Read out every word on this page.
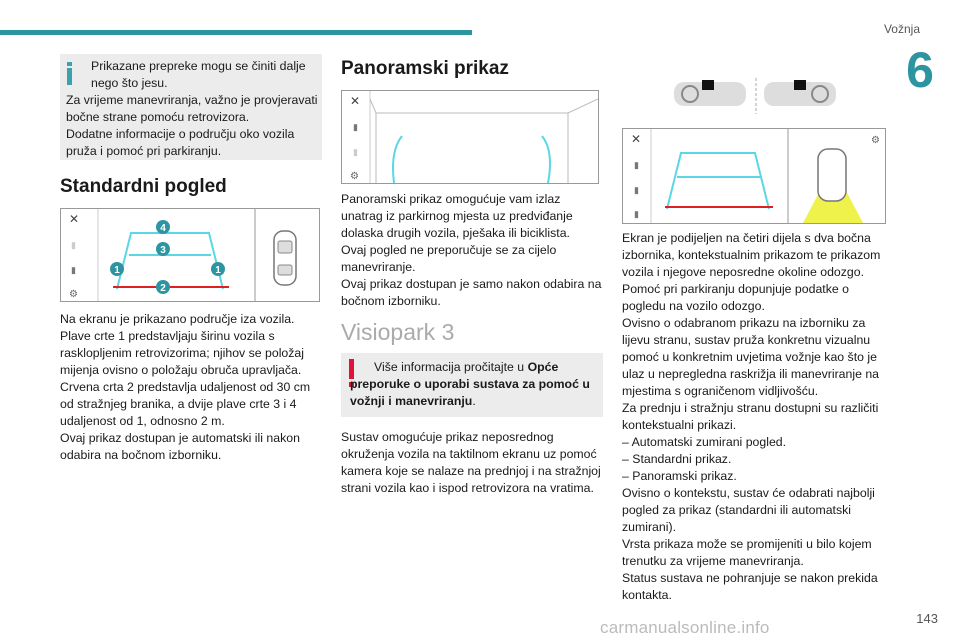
Vožnja
6
Prikazane prepreke mogu se činiti dalje nego što jesu.
Za vrijeme manevriranja, važno je provjeravati bočne strane pomoću retrovizora.
Dodatne informacije o području oko vozila pruža i pomoć pri parkiranju.
Standardni pogled
✕
▮
▮
⚙
4
3
1	1
2

Na ekranu je prikazano područje iza vozila.

Plave crte 1 predstavljaju širinu vozila s rasklopljenim retrovizorima; njihov se položaj mijenja ovisno o položaju obruča upravljača.

Crvena crta 2 predstavlja udaljenost od 30 cm od stražnjeg branika, a dvije plave crte 3 i 4 udaljenost od 1, odnosno 2 m.

Ovaj prikaz dostupan je automatski ili nakon odabira na bočnom izborniku.

Panoramski prikaz
✕
▮
▮
⚙

Panoramski prikaz omogućuje vam izlaz unatrag iz parkirnog mjesta uz predviđanje dolaska drugih vozila, pješaka ili biciklista.

Ovaj pogled ne preporučuje se za cijelo manevriranje.

Ovaj prikaz dostupan je samo nakon odabira na bočnom izborniku.

Visiopark 3
Više informacija pročitajte u Opće preporuke o uporabi sustava za pomoć u vožnji i manevriranju.
Sustav omogućuje prikaz neposrednog okruženja vozila na taktilnom ekranu uz pomoć kamera koje se nalaze na prednjoj i na stražnjoj strani vozila kao i ispod retrovizora na vratima.
✕
▮
▮
▮
⚙

Ekran je podijeljen na četiri dijela s dva bočna izbornika, kontekstualnim prikazom te prikazom vozila i njegove neposredne okoline odozgo.

Pomoć pri parkiranju dopunjuje podatke o pogledu na vozilo odozgo.

Ovisno o odabranom prikazu na izborniku za lijevu stranu, sustav pruža konkretnu vizualnu pomoć u konkretnim uvjetima vožnje kao što je ulaz u nepregledna raskrižja ili manevriranje na mjestima s ograničenom vidljivošću.

Za prednju i stražnju stranu dostupni su različiti kontekstualni prikazi.

– Automatski zumirani pogled.

– Standardni prikaz.

– Panoramski prikaz.

Ovisno o kontekstu, sustav će odabrati najbolji pogled za prikaz (standardni ili automatski zumirani).

Vrsta prikaza može se promijeniti u bilo kojem trenutku za vrijeme manevriranja.

Status sustava ne pohranjuje se nakon prekida kontakta.

carmanualsonline.info	143
